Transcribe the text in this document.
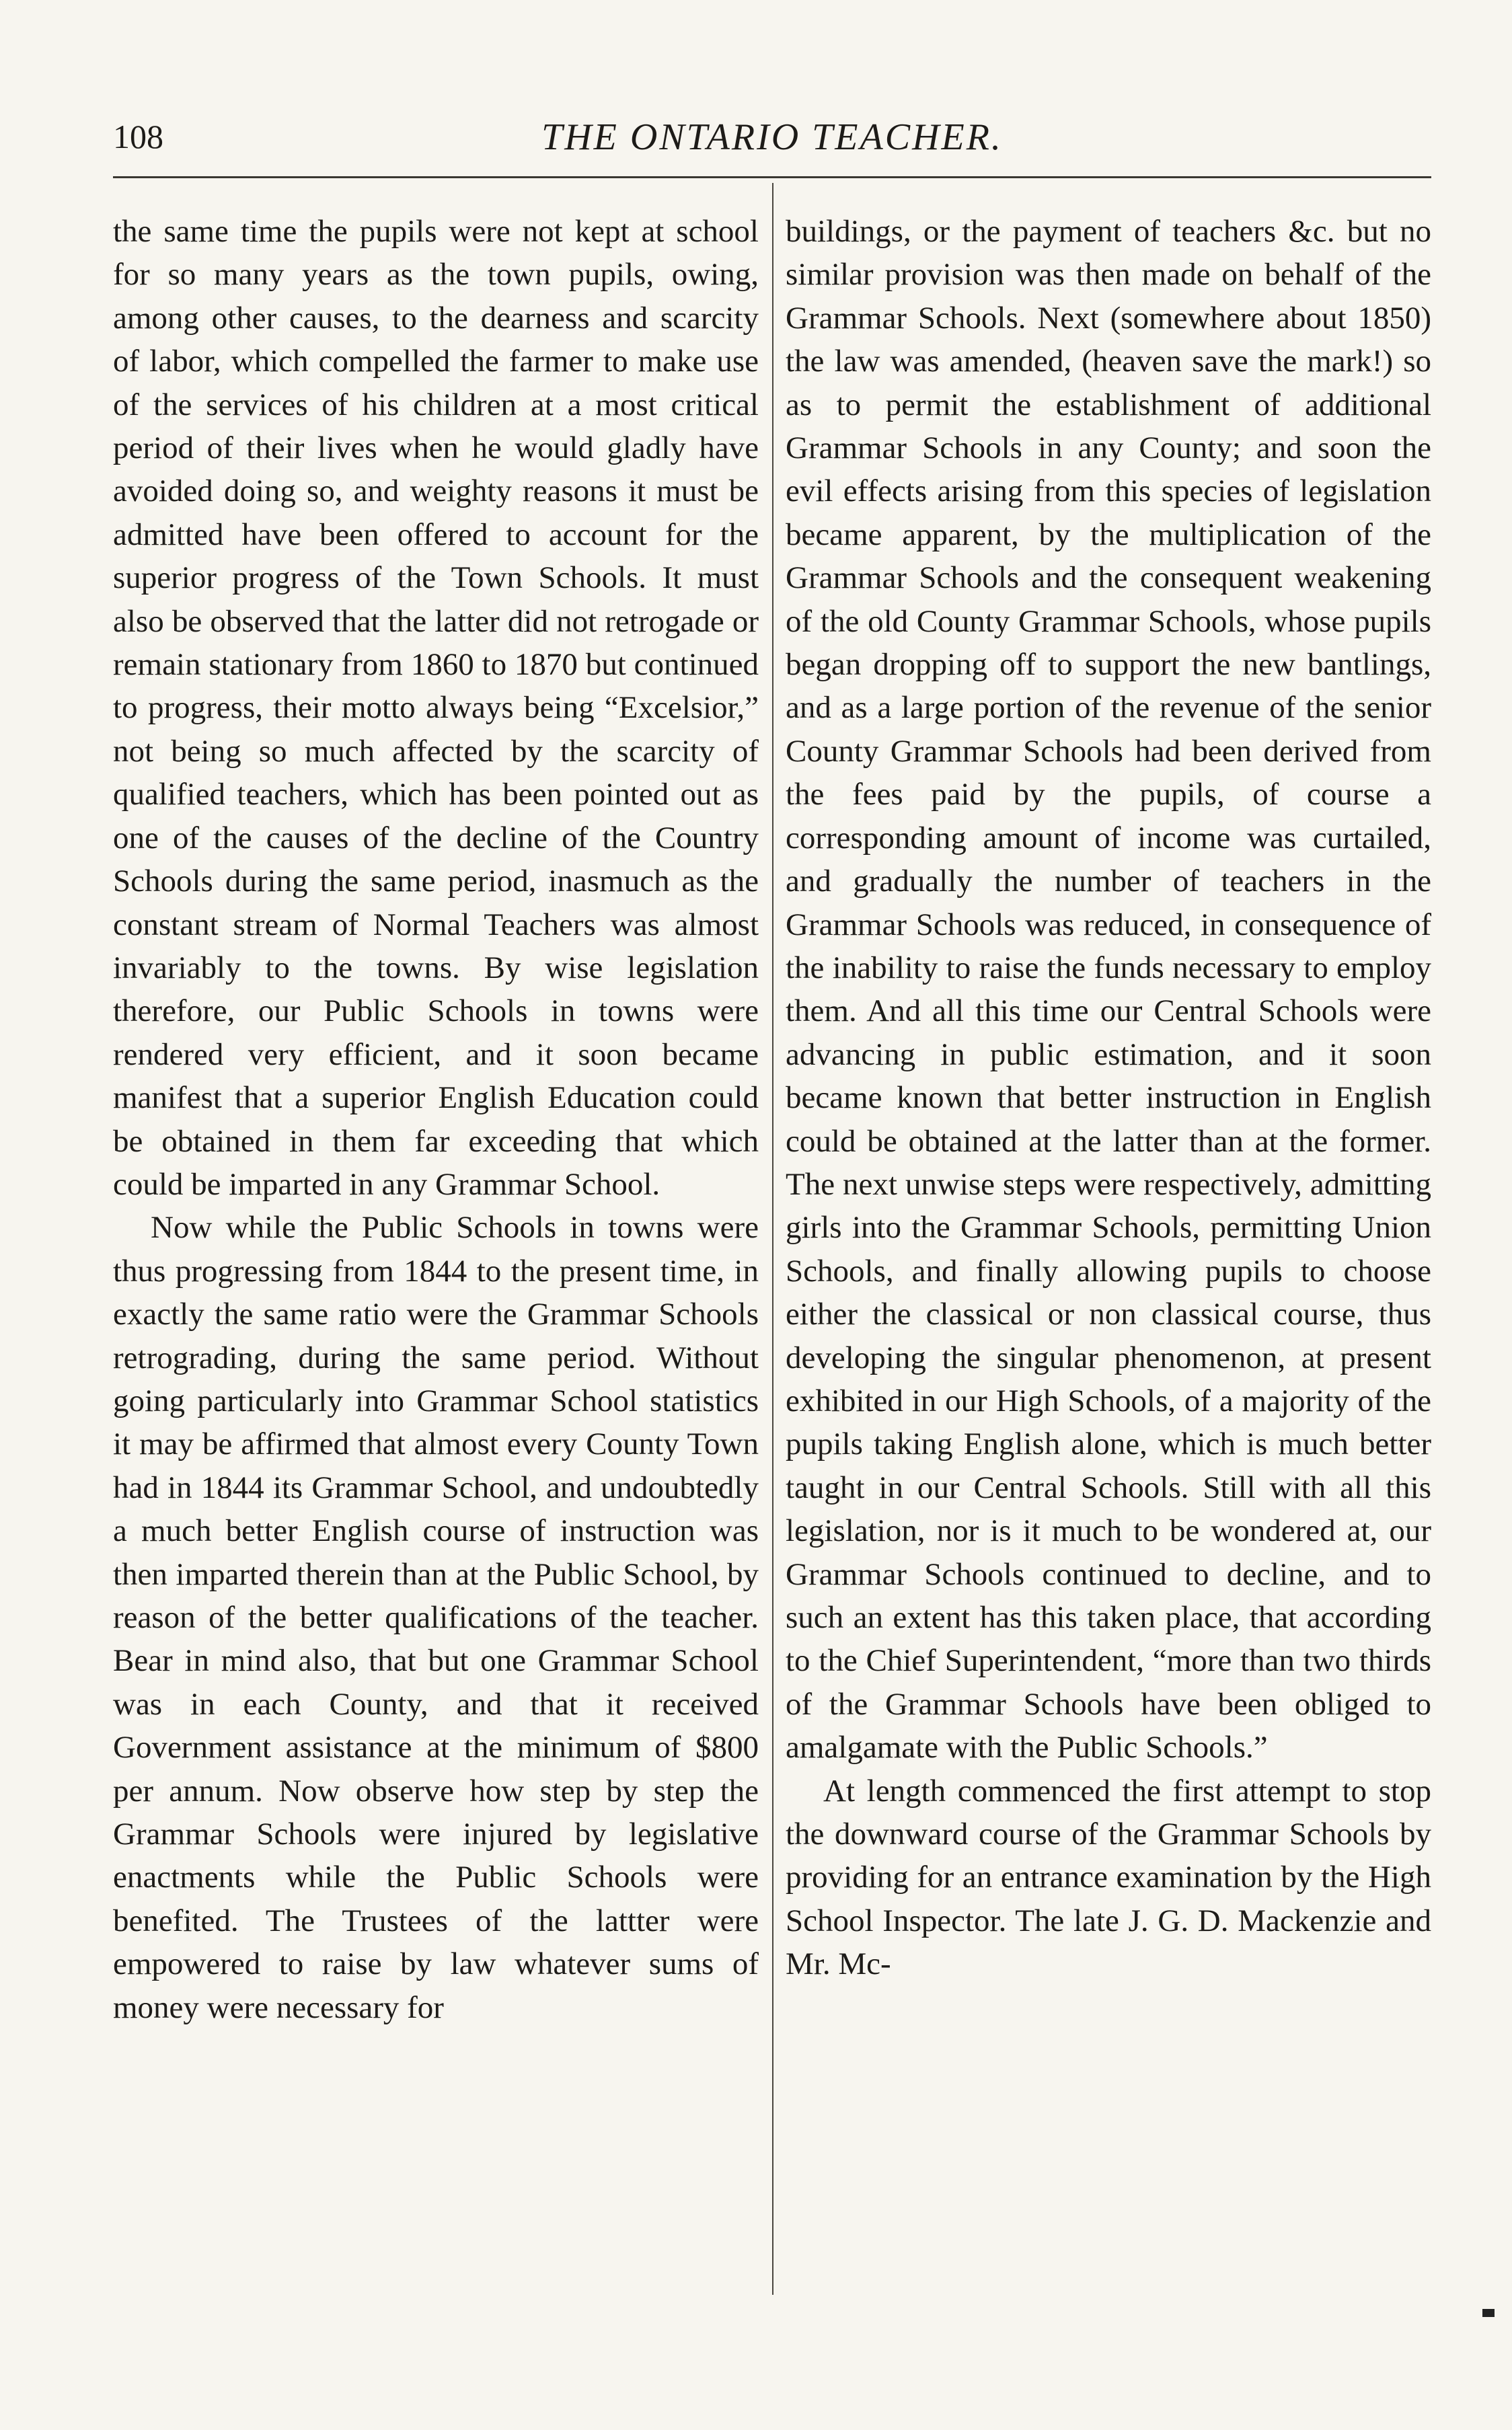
108	THE ONTARIO TEACHER.

the same time the pupils were not kept at school for so many years as the town pupils, owing, among other causes, to the dearness and scarcity of labor, which compelled the farmer to make use of the services of his children at a most critical period of their lives when he would gladly have avoided doing so, and weighty reasons it must be admitted have been offered to account for the superior progress of the Town Schools. It must also be observed that the latter did not retrogade or remain stationary from 1860 to 1870 but continued to progress, their motto always being “Excelsior,” not being so much affected by the scarcity of qualified teachers, which has been pointed out as one of the causes of the decline of the Country Schools during the same period, inasmuch as the constant stream of Normal Teachers was almost invariably to the towns. By wise legislation therefore, our Public Schools in towns were rendered very efficient, and it soon became manifest that a superior English Education could be obtained in them far exceeding that which could be imparted in any Grammar School.

Now while the Public Schools in towns were thus progressing from 1844 to the present time, in exactly the same ratio were the Grammar Schools retrograding, during the same period. Without going particularly into Grammar School statistics it may be affirmed that almost every County Town had in 1844 its Grammar School, and undoubtedly a much better English course of instruction was then imparted therein than at the Public School, by reason of the better qualifications of the teacher. Bear in mind also, that but one Grammar School was in each County, and that it received Government assistance at the minimum of $800 per annum. Now observe how step by step the Grammar Schools were injured by legislative enactments while the Public Schools were benefited. The Trustees of the lattter were empowered to raise by law whatever sums of money were necessary for

buildings, or the payment of teachers &c. but no similar provision was then made on behalf of the Grammar Schools. Next (somewhere about 1850) the law was amended, (heaven save the mark!) so as to permit the establishment of additional Grammar Schools in any County; and soon the evil effects arising from this species of legislation became apparent, by the multiplication of the Grammar Schools and the consequent weakening of the old County Grammar Schools, whose pupils began dropping off to support the new bantlings, and as a large portion of the revenue of the senior County Grammar Schools had been derived from the fees paid by the pupils, of course a corresponding amount of income was curtailed, and gradually the number of teachers in the Grammar Schools was reduced, in consequence of the inability to raise the funds necessary to employ them. And all this time our Central Schools were advancing in public estimation, and it soon became known that better instruction in English could be obtained at the latter than at the former. The next unwise steps were respectively, admitting girls into the Grammar Schools, permitting Union Schools, and finally allowing pupils to choose either the classical or non classical course, thus developing the singular phenomenon, at present exhibited in our High Schools, of a majority of the pupils taking English alone, which is much better taught in our Central Schools. Still with all this legislation, nor is it much to be wondered at, our Grammar Schools continued to decline, and to such an extent has this taken place, that according to the Chief Superintendent, “more than two thirds of the Grammar Schools have been obliged to amalgamate with the Public Schools.”

At length commenced the first attempt to stop the downward course of the Grammar Schools by providing for an entrance examination by the High School Inspector. The late J. G. D. Mackenzie and Mr. Mc-
